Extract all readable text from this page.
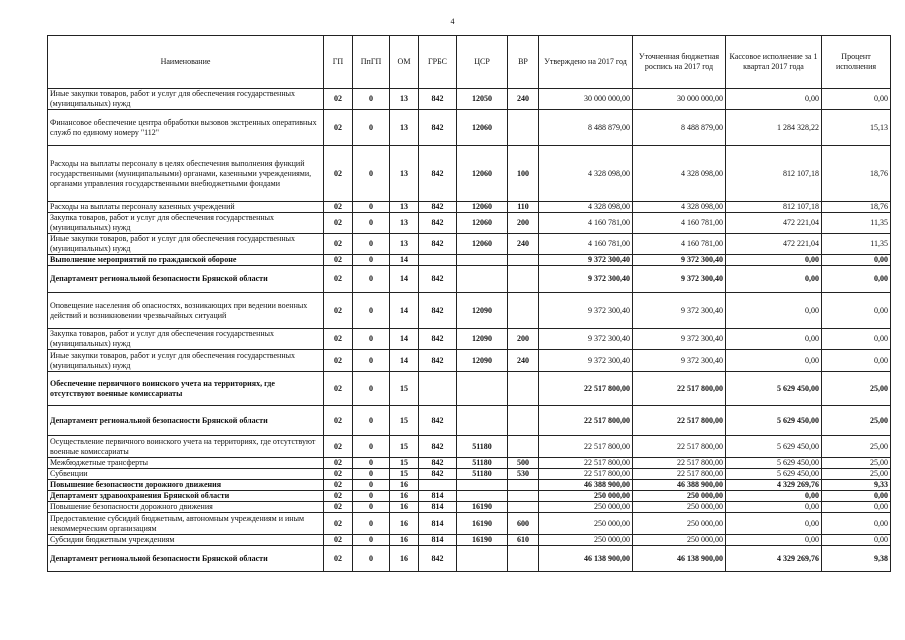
4
Наименование	ГП	ПпГП	ОМ	ГРБС	ЦСР	ВР	Утверждено на 2017 год	Уточненная бюджетная роспись на 2017 год	Кассовое исполнение за 1 квартал 2017 года	Процент исполнения
Иные закупки товаров, работ и услуг для обеспечения государственных (муниципальных) нужд	02	0	13	842	12050	240	30 000 000,00	30 000 000,00	0,00	0,00
Финансовое обеспечение центра обработки вызовов экстренных оперативных служб по единому номеру "112"	02	0	13	842	12060		8 488 879,00	8 488 879,00	1 284 328,22	15,13
Расходы на выплаты персоналу в целях обеспечения выполнения функций государственными (муниципальными) органами, казенными учреждениями, органами управления государственными внебюджетными фондами	02	0	13	842	12060	100	4 328 098,00	4 328 098,00	812 107,18	18,76
Расходы на выплаты персоналу казенных учреждений	02	0	13	842	12060	110	4 328 098,00	4 328 098,00	812 107,18	18,76
Закупка товаров, работ и услуг для обеспечения государственных (муниципальных) нужд	02	0	13	842	12060	200	4 160 781,00	4 160 781,00	472 221,04	11,35
Иные закупки товаров, работ и услуг для обеспечения государственных (муниципальных) нужд	02	0	13	842	12060	240	4 160 781,00	4 160 781,00	472 221,04	11,35
Выполнение мероприятий по гражданской обороне	02	0	14				9 372 300,40	9 372 300,40	0,00	0,00
Департамент региональной безопасности Брянской области	02	0	14	842			9 372 300,40	9 372 300,40	0,00	0,00
Оповещение населения об опасностях, возникающих при ведении военных действий и возникновении чрезвычайных ситуаций	02	0	14	842	12090		9 372 300,40	9 372 300,40	0,00	0,00
Закупка товаров, работ и услуг для обеспечения государственных (муниципальных) нужд	02	0	14	842	12090	200	9 372 300,40	9 372 300,40	0,00	0,00
Иные закупки товаров, работ и услуг для обеспечения государственных (муниципальных) нужд	02	0	14	842	12090	240	9 372 300,40	9 372 300,40	0,00	0,00
Обеспечение первичного воинского учета на территориях, где отсутствуют военные комиссариаты	02	0	15				22 517 800,00	22 517 800,00	5 629 450,00	25,00
Департамент региональной безопасности Брянской области	02	0	15	842			22 517 800,00	22 517 800,00	5 629 450,00	25,00
Осуществление первичного воинского учета на территориях, где отсутствуют военные комиссариаты	02	0	15	842	51180		22 517 800,00	22 517 800,00	5 629 450,00	25,00
Межбюджетные трансферты	02	0	15	842	51180	500	22 517 800,00	22 517 800,00	5 629 450,00	25,00
Субвенции	02	0	15	842	51180	530	22 517 800,00	22 517 800,00	5 629 450,00	25,00
Повышение безопасности дорожного движения	02	0	16				46 388 900,00	46 388 900,00	4 329 269,76	9,33
Департамент здравоохранения Брянской области	02	0	16	814			250 000,00	250 000,00	0,00	0,00
Повышение безопасности дорожного движения	02	0	16	814	16190		250 000,00	250 000,00	0,00	0,00
Предоставление субсидий бюджетным, автономным учреждениям и иным некоммерческим организациям	02	0	16	814	16190	600	250 000,00	250 000,00	0,00	0,00
Субсидии бюджетным учреждениям	02	0	16	814	16190	610	250 000,00	250 000,00	0,00	0,00
Департамент региональной безопасности Брянской области	02	0	16	842			46 138 900,00	46 138 900,00	4 329 269,76	9,38
